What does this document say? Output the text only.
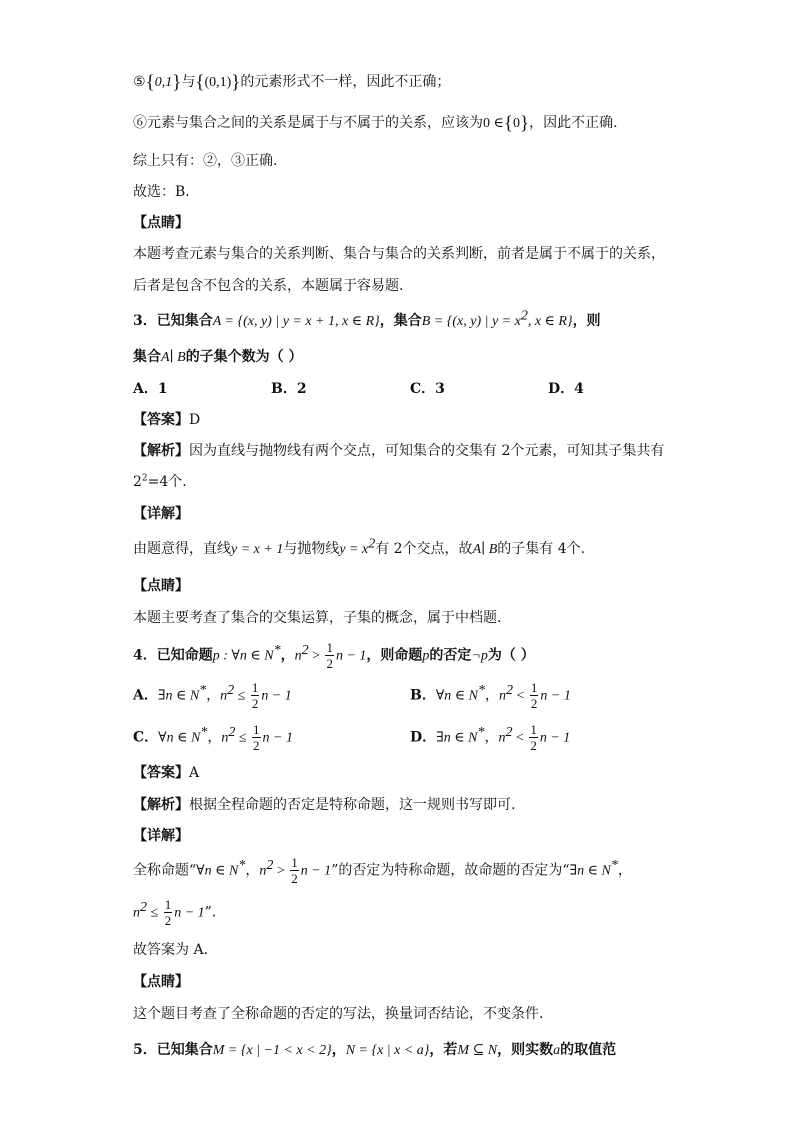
⑤{0,1}与{(0,1)}的元素形式不一样，因此不正确；
⑥元素与集合之间的关系是属于与不属于的关系，应该为0 ∈{0}，因此不正确.
综上只有：②，③正确.
故选：B.
【点睛】
本题考查元素与集合的关系判断、集合与集合的关系判断，前者是属于不属于的关系，
后者是包含不包含的关系，本题属于容易题.
3．已知集合A = {(x, y) | y = x + 1, x ∈ R}，集合B = {(x, y) | $y = x^2$, x ∈ R}，则
集合A∣ B的子集个数为（ ）
A．1	B．2	C．3	D．4
【答案】D
【解析】因为直线与抛物线有两个交点，可知集合的交集有 2个元素，可知其子集共有
$2^2=4$个.
【详解】
由题意得，直线y = x + 1与抛物线$y = x^2$有 2个交点，故A∣ B的子集有 4个.
【点睛】
本题主要考查了集合的交集运算，子集的概念，属于中档题.
4．已知命题p : ∀n ∈ N*，$n^2 > \frac{1}{2}$ n − 1，则命题p的否定¬p为（ ）
A．∃n ∈ N*，$n^2 \le \frac{1}{2}$ n − 1	B．∀n ∈ N*，$n^2 < \frac{1}{2}$ n − 1
C．∀n ∈ N*，$n^2 \le \frac{1}{2}$ n − 1	D．∃n ∈ N*，$n^2 < \frac{1}{2}$ n − 1
【答案】A
【解析】根据全程命题的否定是特称命题，这一规则书写即可.
【详解】
全称命题“∀n ∈ N*，$n^2 > \frac{1}{2}$ n − 1”的否定为特称命题，故命题的否定为“∃n ∈ N*，
$n^2 \le \frac{1}{2}$ n − 1”.
故答案为 A.
【点睛】
这个题目考查了全称命题的否定的写法，换量词否结论，不变条件.
5．已知集合M = {x | −1 < x < 2}，N = {x | x < a}，若M ⊆ N，则实数a的取值范
